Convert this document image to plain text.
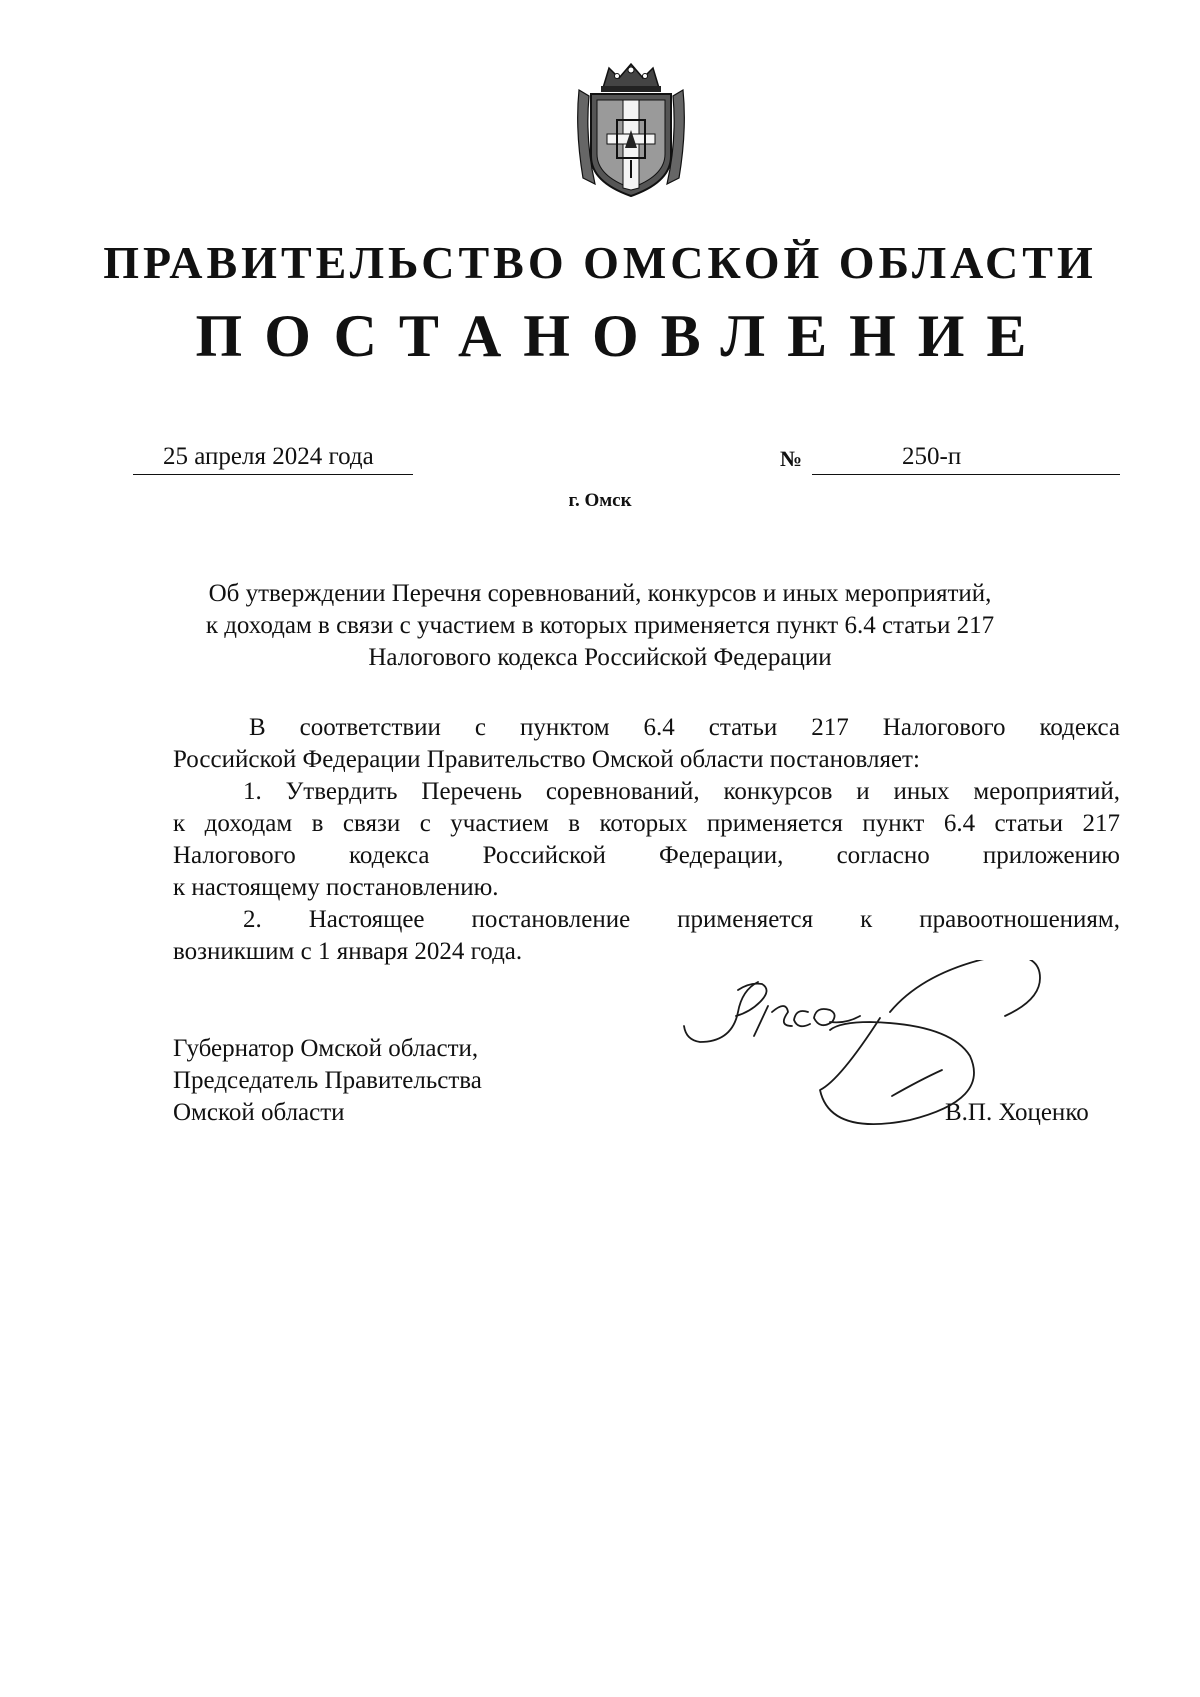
ПРАВИТЕЛЬСТВО ОМСКОЙ ОБЛАСТИ
ПОСТАНОВЛЕНИЕ
25 апреля 2024 года	№	250-п
г. Омск
Об утверждении Перечня соревнований, конкурсов и иных мероприятий,
к доходам в связи с участием в которых применяется пункт 6.4 статьи 217
Налогового кодекса Российской Федерации
В соответствии с пунктом 6.4 статьи 217 Налогового кодекса
Российской Федерации Правительство Омской области постановляет:
1. Утвердить Перечень соревнований, конкурсов и иных мероприятий,
к доходам в связи с участием в которых применяется пункт 6.4 статьи 217
Налогового кодекса Российской Федерации, согласно приложению
к настоящему постановлению.
2. Настоящее постановление применяется к правоотношениям,
возникшим с 1 января 2024 года.
Губернатор Омской области,
Председатель Правительства
Омской области	В.П. Хоценко
